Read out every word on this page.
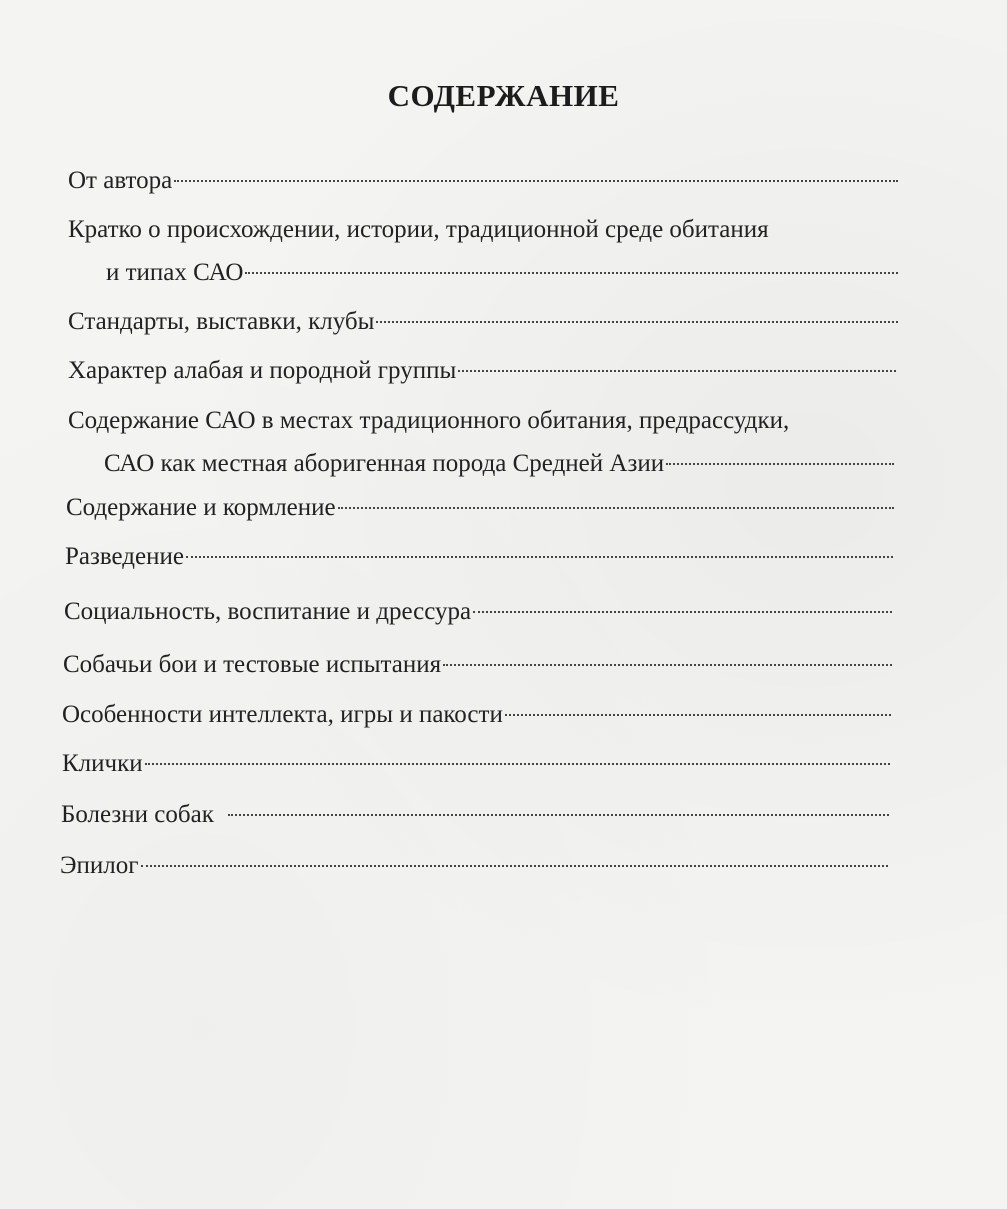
СОДЕРЖАНИЕ
От автора
Кратко о происхождении, истории, традиционной среде обитания
и типах САО
Стандарты, выставки, клубы
Характер алабая и породной группы
Содержание САО в местах традиционного обитания, предрассудки,
САО как местная аборигенная порода Средней Азии
Содержание и кормление
Разведение
Социальность, воспитание и дрессура
Собачьи бои и тестовые испытания
Особенности интеллекта, игры и пакости
Клички
Болезни собак
Эпилог
